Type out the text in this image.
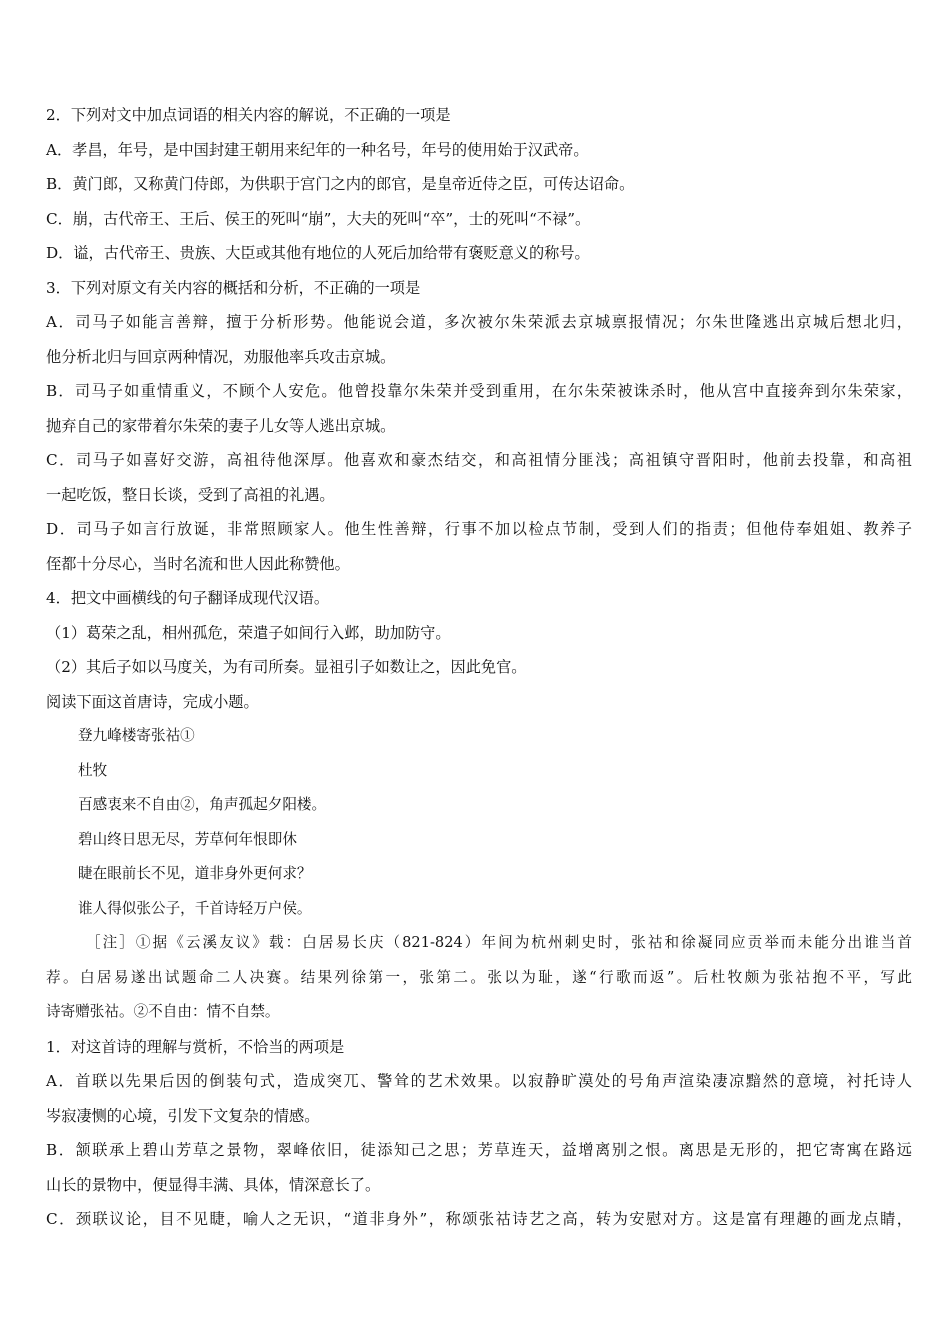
2．下列对文中加点词语的相关内容的解说，不正确的一项是
A．孝昌，年号，是中国封建王朝用来纪年的一种名号，年号的使用始于汉武帝。
B．黄门郎，又称黄门侍郎，为供职于宫门之内的郎官，是皇帝近侍之臣，可传达诏命。
C．崩，古代帝王、王后、侯王的死叫“崩”，大夫的死叫“卒”，士的死叫“不禄”。
D．谥，古代帝王、贵族、大臣或其他有地位的人死后加给带有褒贬意义的称号。
3．下列对原文有关内容的概括和分析，不正确的一项是
A．司马子如能言善辩，擅于分析形势。他能说会道，多次被尔朱荣派去京城禀报情况；尔朱世隆逃出京城后想北归，
他分析北归与回京两种情况，劝服他率兵攻击京城。
B．司马子如重情重义，不顾个人安危。他曾投靠尔朱荣并受到重用，在尔朱荣被诛杀时，他从宫中直接奔到尔朱荣家，
抛弃自己的家带着尔朱荣的妻子儿女等人逃出京城。
C．司马子如喜好交游，高祖待他深厚。他喜欢和豪杰结交，和高祖情分匪浅；高祖镇守晋阳时，他前去投靠，和高祖
一起吃饭，整日长谈，受到了高祖的礼遇。
D．司马子如言行放诞，非常照顾家人。他生性善辩，行事不加以检点节制，受到人们的指责；但他侍奉姐姐、教养子
侄都十分尽心，当时名流和世人因此称赞他。
4．把文中画横线的句子翻译成现代汉语。
（1）葛荣之乱，相州孤危，荣遣子如间行入邺，助加防守。
（2）其后子如以马度关，为有司所奏。显祖引子如数让之，因此免官。
阅读下面这首唐诗，完成小题。
登九峰楼寄张祜①
杜牧
百感衷来不自由②，角声孤起夕阳楼。
碧山终日思无尽，芳草何年恨即休
睫在眼前长不见，道非身外更何求？
谁人得似张公子，千首诗轻万户侯。
［注］①据《云溪友议》载：白居易长庆（821-824）年间为杭州刺史时，张祜和徐凝同应贡举而未能分出谁当首
荐。白居易遂出试题命二人决赛。结果列徐第一，张第二。张以为耻，遂“行歌而返”。后杜牧颇为张祜抱不平，写此
诗寄赠张祜。②不自由：情不自禁。
1．对这首诗的理解与赏析，不恰当的两项是
A．首联以先果后因的倒装句式，造成突兀、警耸的艺术效果。以寂静旷漠处的号角声渲染凄凉黯然的意境，衬托诗人
岑寂凄恻的心境，引发下文复杂的情感。
B．颔联承上碧山芳草之景物，翠峰依旧，徒添知己之思；芳草连天，益增离别之恨。离思是无形的，把它寄寓在路远
山长的景物中，便显得丰满、具体，情深意长了。
C．颈联议论，目不见睫，喻人之无识，“道非身外”，称颂张祜诗艺之高，转为安慰对方。这是富有理趣的画龙点睛，
